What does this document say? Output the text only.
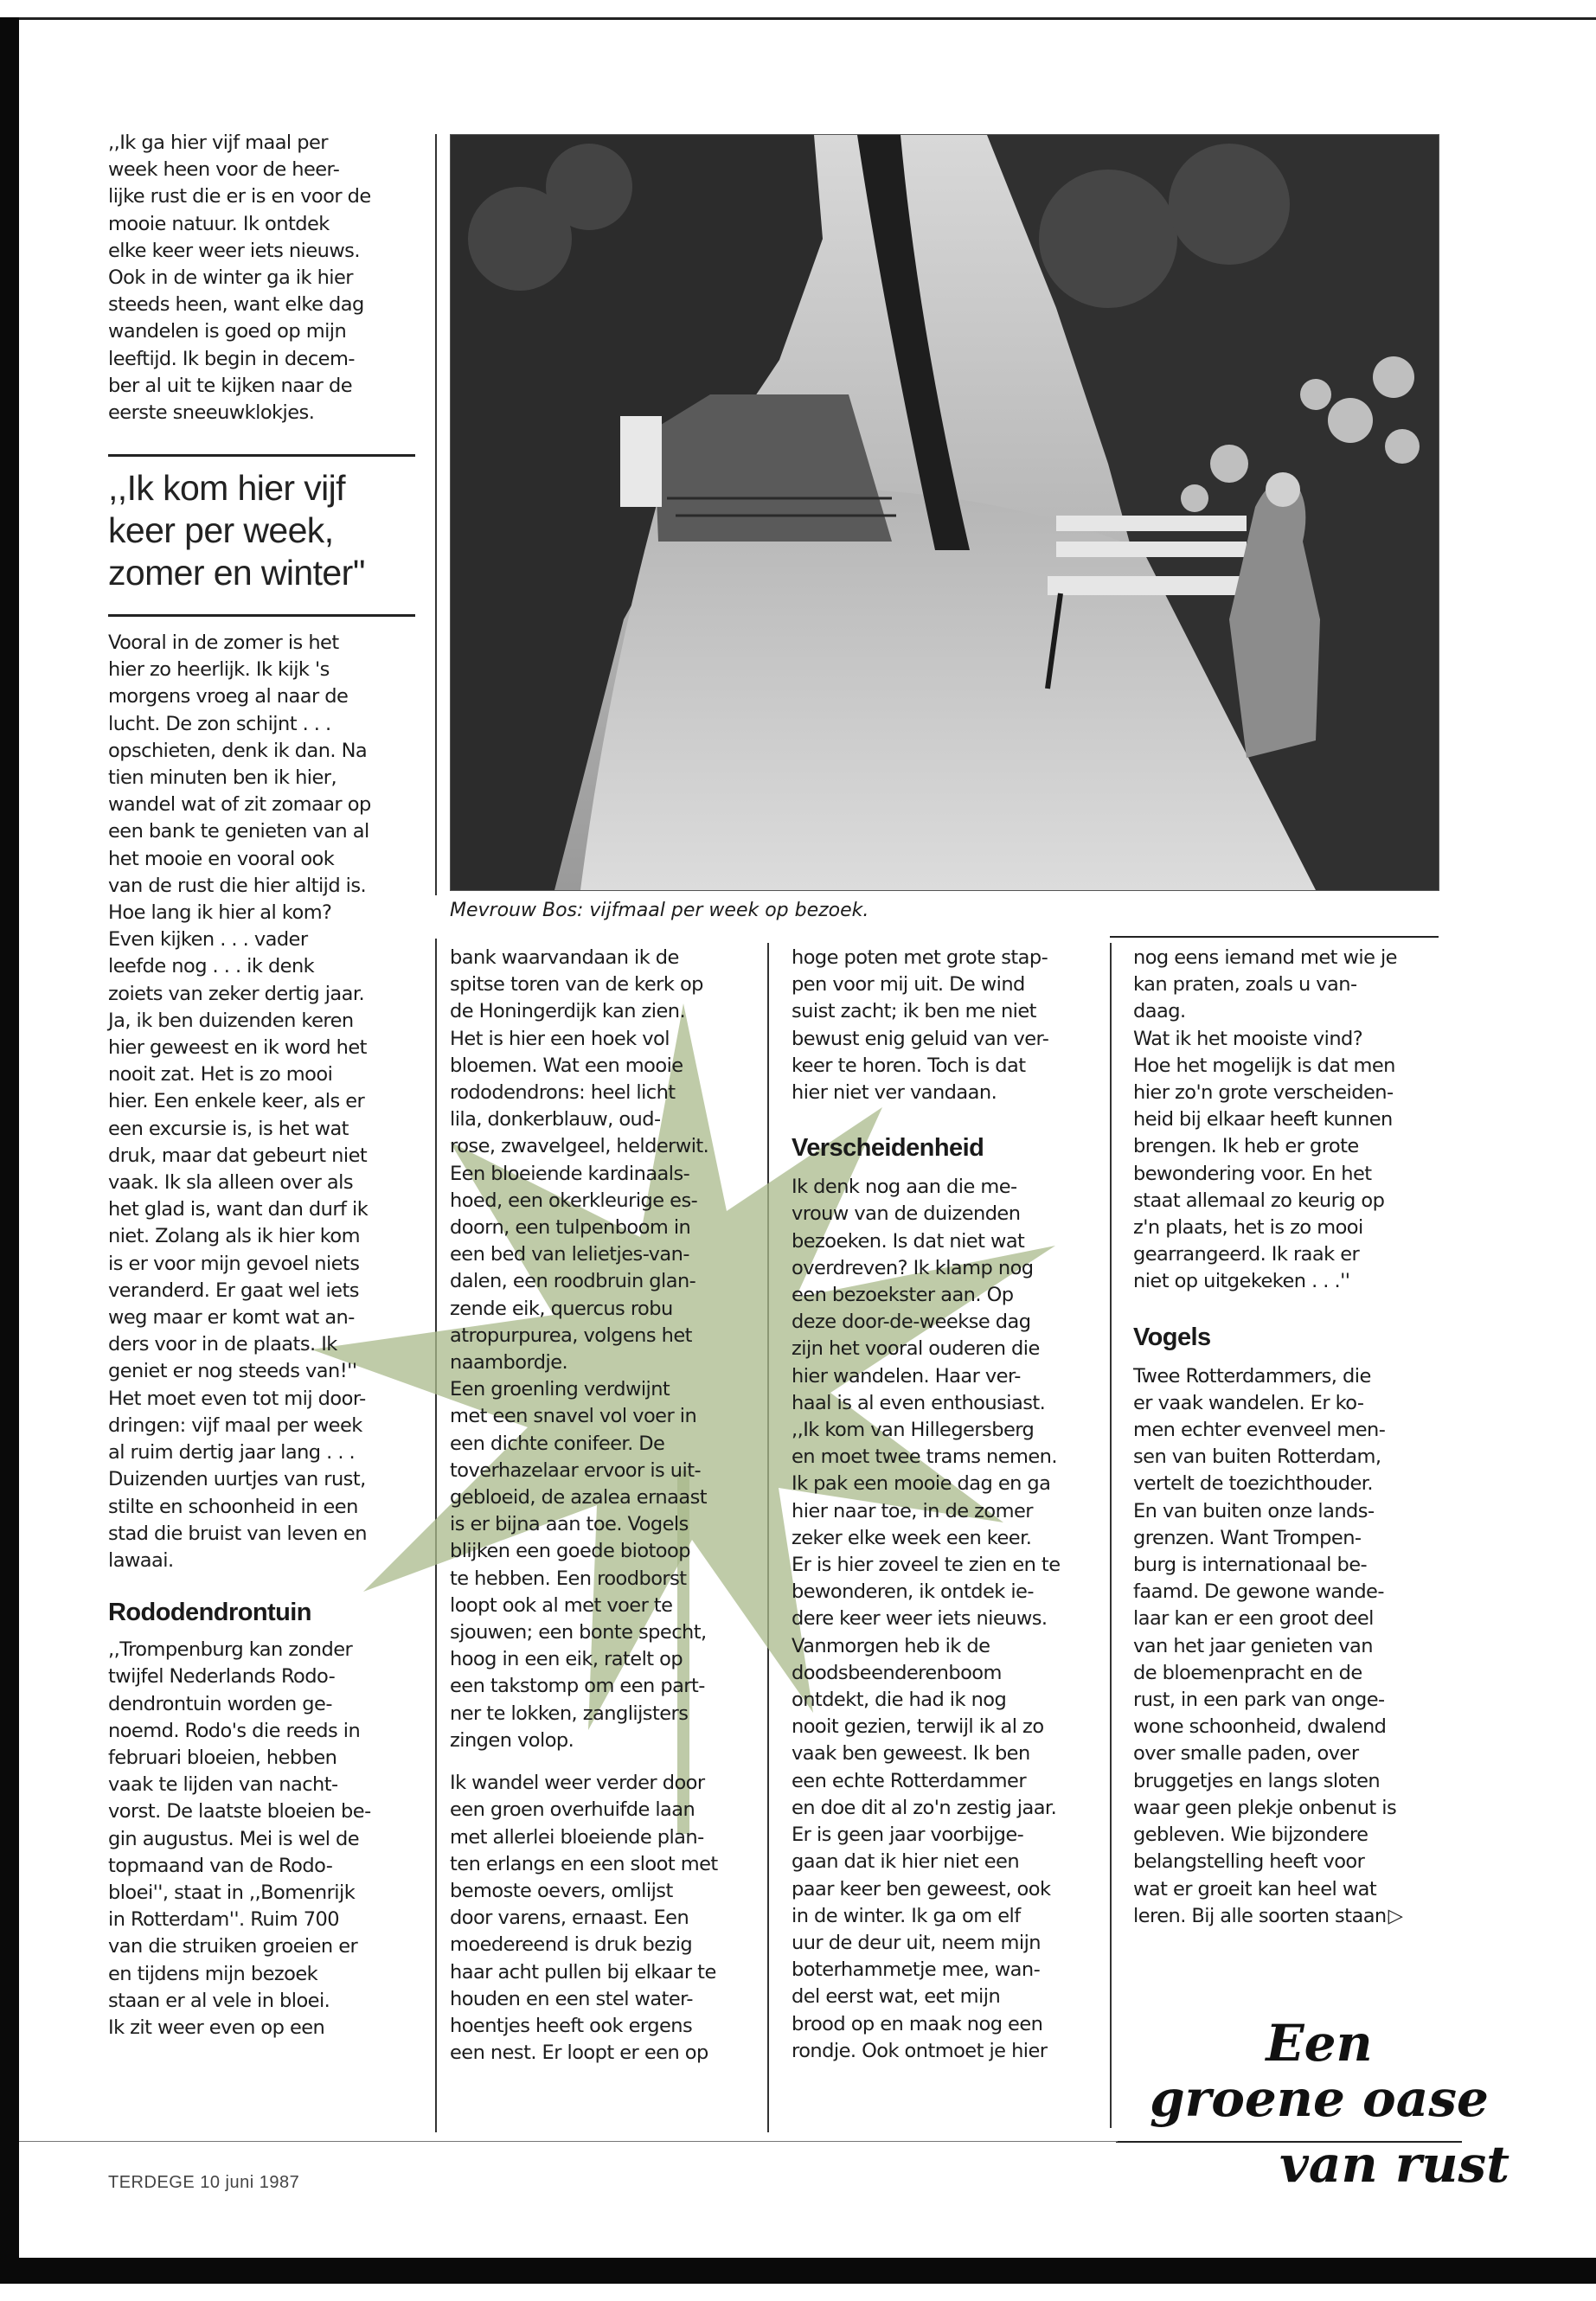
,,Ik ga hier vijf maal per
week heen voor de heer-
lijke rust die er is en voor de
mooie natuur. Ik ontdek
elke keer weer iets nieuws.
Ook in de winter ga ik hier
steeds heen, want elke dag
wandelen is goed op mijn
leeftijd. Ik begin in decem-
ber al uit te kijken naar de
eerste sneeuwklokjes.

,,Ik kom hier vijf
keer per week,
zomer en winter''

Vooral in de zomer is het
hier zo heerlijk. Ik kijk 's
morgens vroeg al naar de
lucht. De zon schijnt . . .
opschieten, denk ik dan. Na
tien minuten ben ik hier,
wandel wat of zit zomaar op
een bank te genieten van al
het mooie en vooral ook
van de rust die hier altijd is.
Hoe lang ik hier al kom?
Even kijken . . . vader
leefde nog . . . ik denk
zoiets van zeker dertig jaar.
Ja, ik ben duizenden keren
hier geweest en ik word het
nooit zat. Het is zo mooi
hier. Een enkele keer, als er
een excursie is, is het wat
druk, maar dat gebeurt niet
vaak. Ik sla alleen over als
het glad is, want dan durf ik
niet. Zolang als ik hier kom
is er voor mijn gevoel niets
veranderd. Er gaat wel iets
weg maar er komt wat an-
ders voor in de plaats. Ik
geniet er nog steeds van!''
Het moet even tot mij door-
dringen: vijf maal per week
al ruim dertig jaar lang . . .
Duizenden uurtjes van rust,
stilte en schoonheid in een
stad die bruist van leven en
lawaai.

Rododendrontuin

,,Trompenburg kan zonder
twijfel Nederlands Rodo-
dendrontuin worden ge-
noemd. Rodo's die reeds in
februari bloeien, hebben
vaak te lijden van nacht-
vorst. De laatste bloeien be-
gin augustus. Mei is wel de
topmaand van de Rodo-
bloei'', staat in ,,Bomenrijk
in Rotterdam''. Ruim 700
van die struiken groeien er
en tijdens mijn bezoek
staan er al vele in bloei.
Ik zit weer even op een

Mevrouw Bos: vijfmaal per week op bezoek.

bank waarvandaan ik de
spitse toren van de kerk op
de Honingerdijk kan zien.
Het is hier een hoek vol
bloemen. Wat een mooie
rododendrons: heel licht
lila, donkerblauw, oud-
rose, zwavelgeel, helderwit.
Een bloeiende kardinaals-
hoed, een okerkleurige es-
doorn, een tulpenboom in
een bed van lelietjes-van-
dalen, een roodbruin glan-
zende eik, quercus robu
atropurpurea, volgens het
naambordje.
Een groenling verdwijnt
met een snavel vol voer in
een dichte conifeer. De
toverhazelaar ervoor is uit-
gebloeid, de azalea ernaast
is er bijna aan toe. Vogels
blijken een goede biotoop
te hebben. Een roodborst
loopt ook al met voer te
sjouwen; een bonte specht,
hoog in een eik, ratelt op
een takstomp om een part-
ner te lokken, zanglijsters
zingen volop.

Ik wandel weer verder door
een groen overhuifde laan
met allerlei bloeiende plan-
ten erlangs en een sloot met
bemoste oevers, omlijst
door varens, ernaast. Een
moedereend is druk bezig
haar acht pullen bij elkaar te
houden en een stel water-
hoentjes heeft ook ergens
een nest. Er loopt er een op

hoge poten met grote stap-
pen voor mij uit. De wind
suist zacht; ik ben me niet
bewust enig geluid van ver-
keer te horen. Toch is dat
hier niet ver vandaan.

Verscheidenheid

Ik denk nog aan die me-
vrouw van de duizenden
bezoeken. Is dat niet wat
overdreven? Ik klamp nog
een bezoekster aan. Op
deze door-de-weekse dag
zijn het vooral ouderen die
hier wandelen. Haar ver-
haal is al even enthousiast.
,,Ik kom van Hillegersberg
en moet twee trams nemen.
Ik pak een mooie dag en ga
hier naar toe, in de zomer
zeker elke week een keer.
Er is hier zoveel te zien en te
bewonderen, ik ontdek ie-
dere keer weer iets nieuws.
Vanmorgen heb ik de
doodsbeenderenboom
ontdekt, die had ik nog
nooit gezien, terwijl ik al zo
vaak ben geweest. Ik ben
een echte Rotterdammer
en doe dit al zo'n zestig jaar.
Er is geen jaar voorbijge-
gaan dat ik hier niet een
paar keer ben geweest, ook
in de winter. Ik ga om elf
uur de deur uit, neem mijn
boterhammetje mee, wan-
del eerst wat, eet mijn
brood op en maak nog een
rondje. Ook ontmoet je hier

nog eens iemand met wie je
kan praten, zoals u van-
daag.
Wat ik het mooiste vind?
Hoe het mogelijk is dat men
hier zo'n grote verscheiden-
heid bij elkaar heeft kunnen
brengen. Ik heb er grote
bewondering voor. En het
staat allemaal zo keurig op
z'n plaats, het is zo mooi
gearrangeerd. Ik raak er
niet op uitgekeken . . .''

Vogels

Twee Rotterdammers, die
er vaak wandelen. Er ko-
men echter evenveel men-
sen van buiten Rotterdam,
vertelt de toezichthouder.
En van buiten onze lands-
grenzen. Want Trompen-
burg is internationaal be-
faamd. De gewone wande-
laar kan er een groot deel
van het jaar genieten van
de bloemenpracht en de
rust, in een park van onge-
wone schoonheid, dwalend
over smalle paden, over
bruggetjes en langs sloten
waar geen plekje onbenut is
gebleven. Wie bijzondere
belangstelling heeft voor
wat er groeit kan heel wat
leren. Bij alle soorten staan▷

Een

groene oase

van rust

TERDEGE 10 juni 1987
